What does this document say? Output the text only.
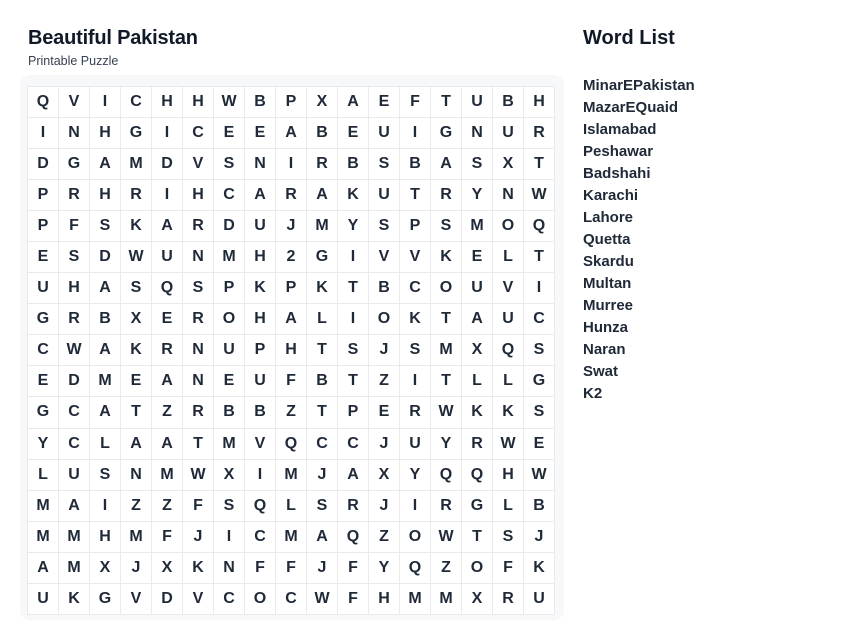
Beautiful Pakistan
Printable Puzzle
Q	V	I	C	H	H	W	B	P	X	A	E	F	T	U	B	H
I	N	H	G	I	C	E	E	A	B	E	U	I	G	N	U	R
D	G	A	M	D	V	S	N	I	R	B	S	B	A	S	X	T
P	R	H	R	I	H	C	A	R	A	K	U	T	R	Y	N	W
P	F	S	K	A	R	D	U	J	M	Y	S	P	S	M	O	Q
E	S	D	W	U	N	M	H	2	G	I	V	V	K	E	L	T
U	H	A	S	Q	S	P	K	P	K	T	B	C	O	U	V	I
G	R	B	X	E	R	O	H	A	L	I	O	K	T	A	U	C
C	W	A	K	R	N	U	P	H	T	S	J	S	M	X	Q	S
E	D	M	E	A	N	E	U	F	B	T	Z	I	T	L	L	G
G	C	A	T	Z	R	B	B	Z	T	P	E	R	W	K	K	S
Y	C	L	A	A	T	M	V	Q	C	C	J	U	Y	R	W	E
L	U	S	N	M	W	X	I	M	J	A	X	Y	Q	Q	H	W
M	A	I	Z	Z	F	S	Q	L	S	R	J	I	R	G	L	B
M	M	H	M	F	J	I	C	M	A	Q	Z	O	W	T	S	J
A	M	X	J	X	K	N	F	F	J	F	Y	Q	Z	O	F	K
U	K	G	V	D	V	C	O	C	W	F	H	M	M	X	R	U
Word List
MinarEPakistan
MazarEQuaid
Islamabad
Peshawar
Badshahi
Karachi
Lahore
Quetta
Skardu
Multan
Murree
Hunza
Naran
Swat
K2
